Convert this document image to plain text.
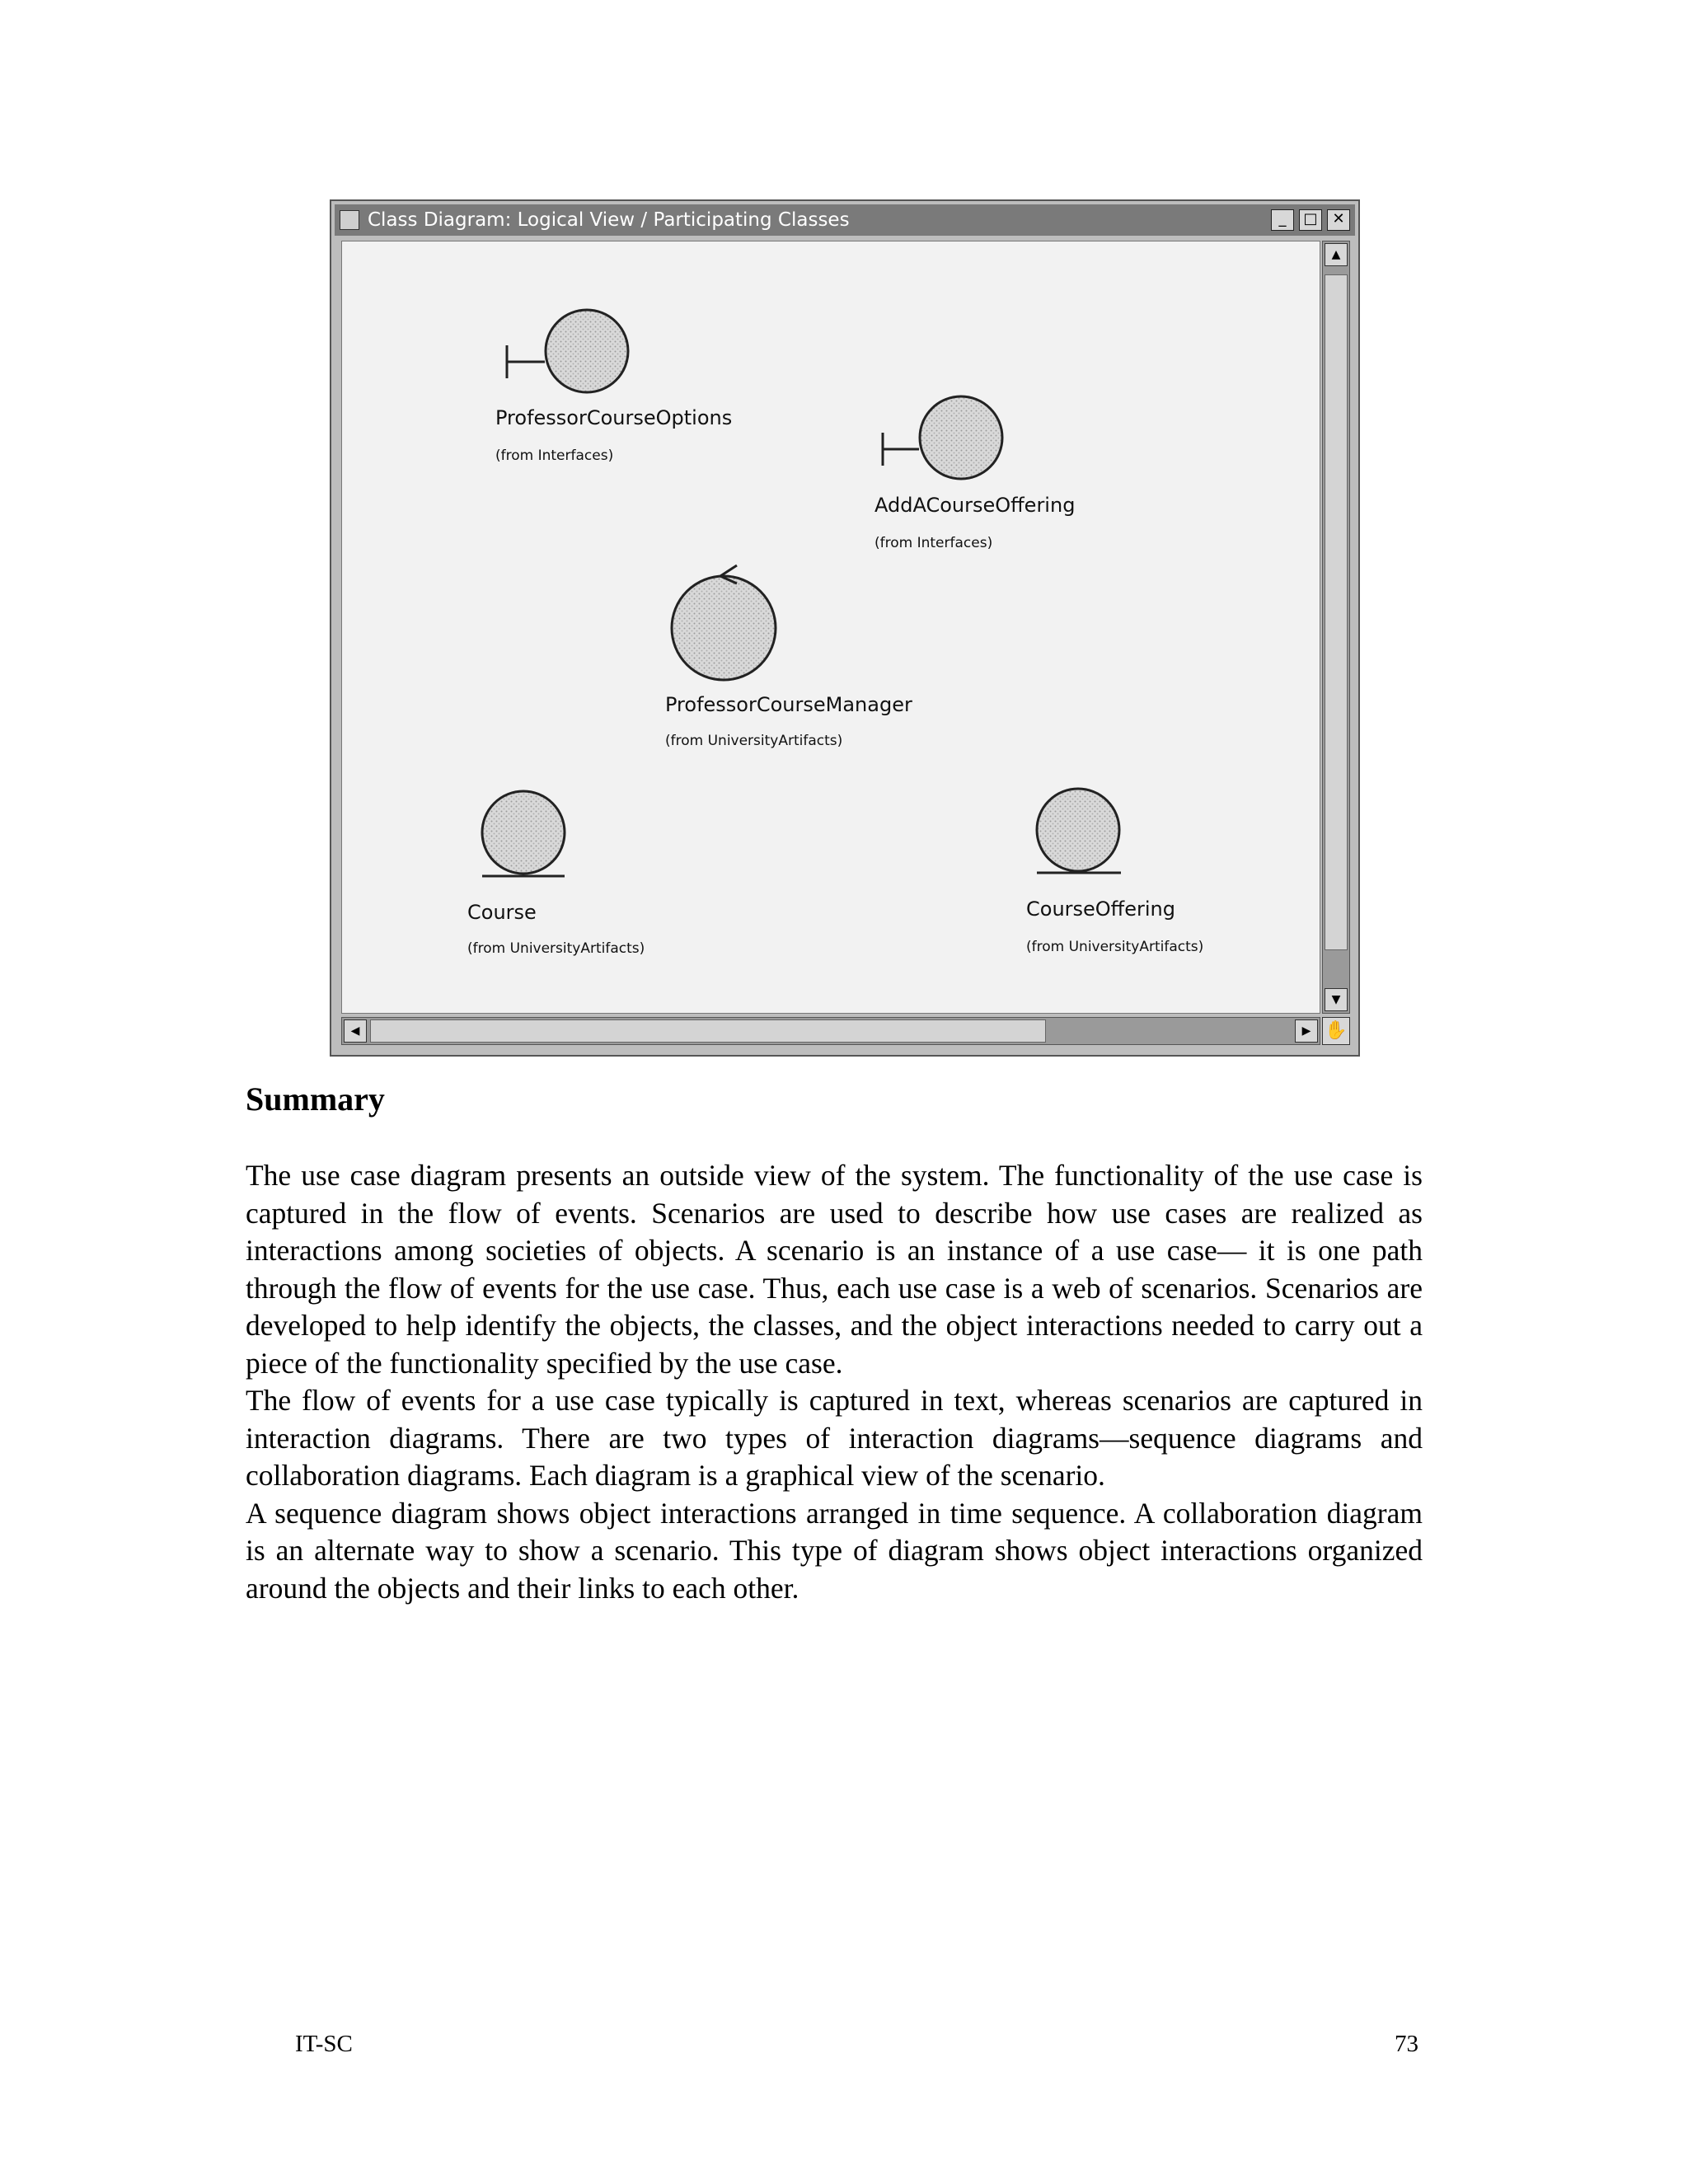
Class Diagram: Logical View / Participating Classes	_	□ ✕
ProfessorCourseOptions
(from Interfaces)
AddACourseOffering
(from Interfaces)
ProfessorCourseManager
(from UniversityArtifacts)
Course
(from UniversityArtifacts)
CourseOffering
(from UniversityArtifacts)
▲
▼
◀	▶ ✋
Summary

The use case diagram presents an outside view of the system. The functionality of the use case is captured in the flow of events. Scenarios are used to describe how use cases are realized as interactions among societies of objects. A scenario is an instance of a use case— it is one path through the flow of events for the use case. Thus, each use case is a web of scenarios. Scenarios are developed to help identify the objects, the classes, and the object interactions needed to carry out a piece of the functionality specified by the use case.

The flow of events for a use case typically is captured in text, whereas scenarios are captured in interaction diagrams. There are two types of interaction diagrams—sequence diagrams and collaboration diagrams. Each diagram is a graphical view of the scenario.

A sequence diagram shows object interactions arranged in time sequence. A collaboration diagram is an alternate way to show a scenario. This type of diagram shows object interactions organized around the objects and their links to each other.

IT-SC	73
